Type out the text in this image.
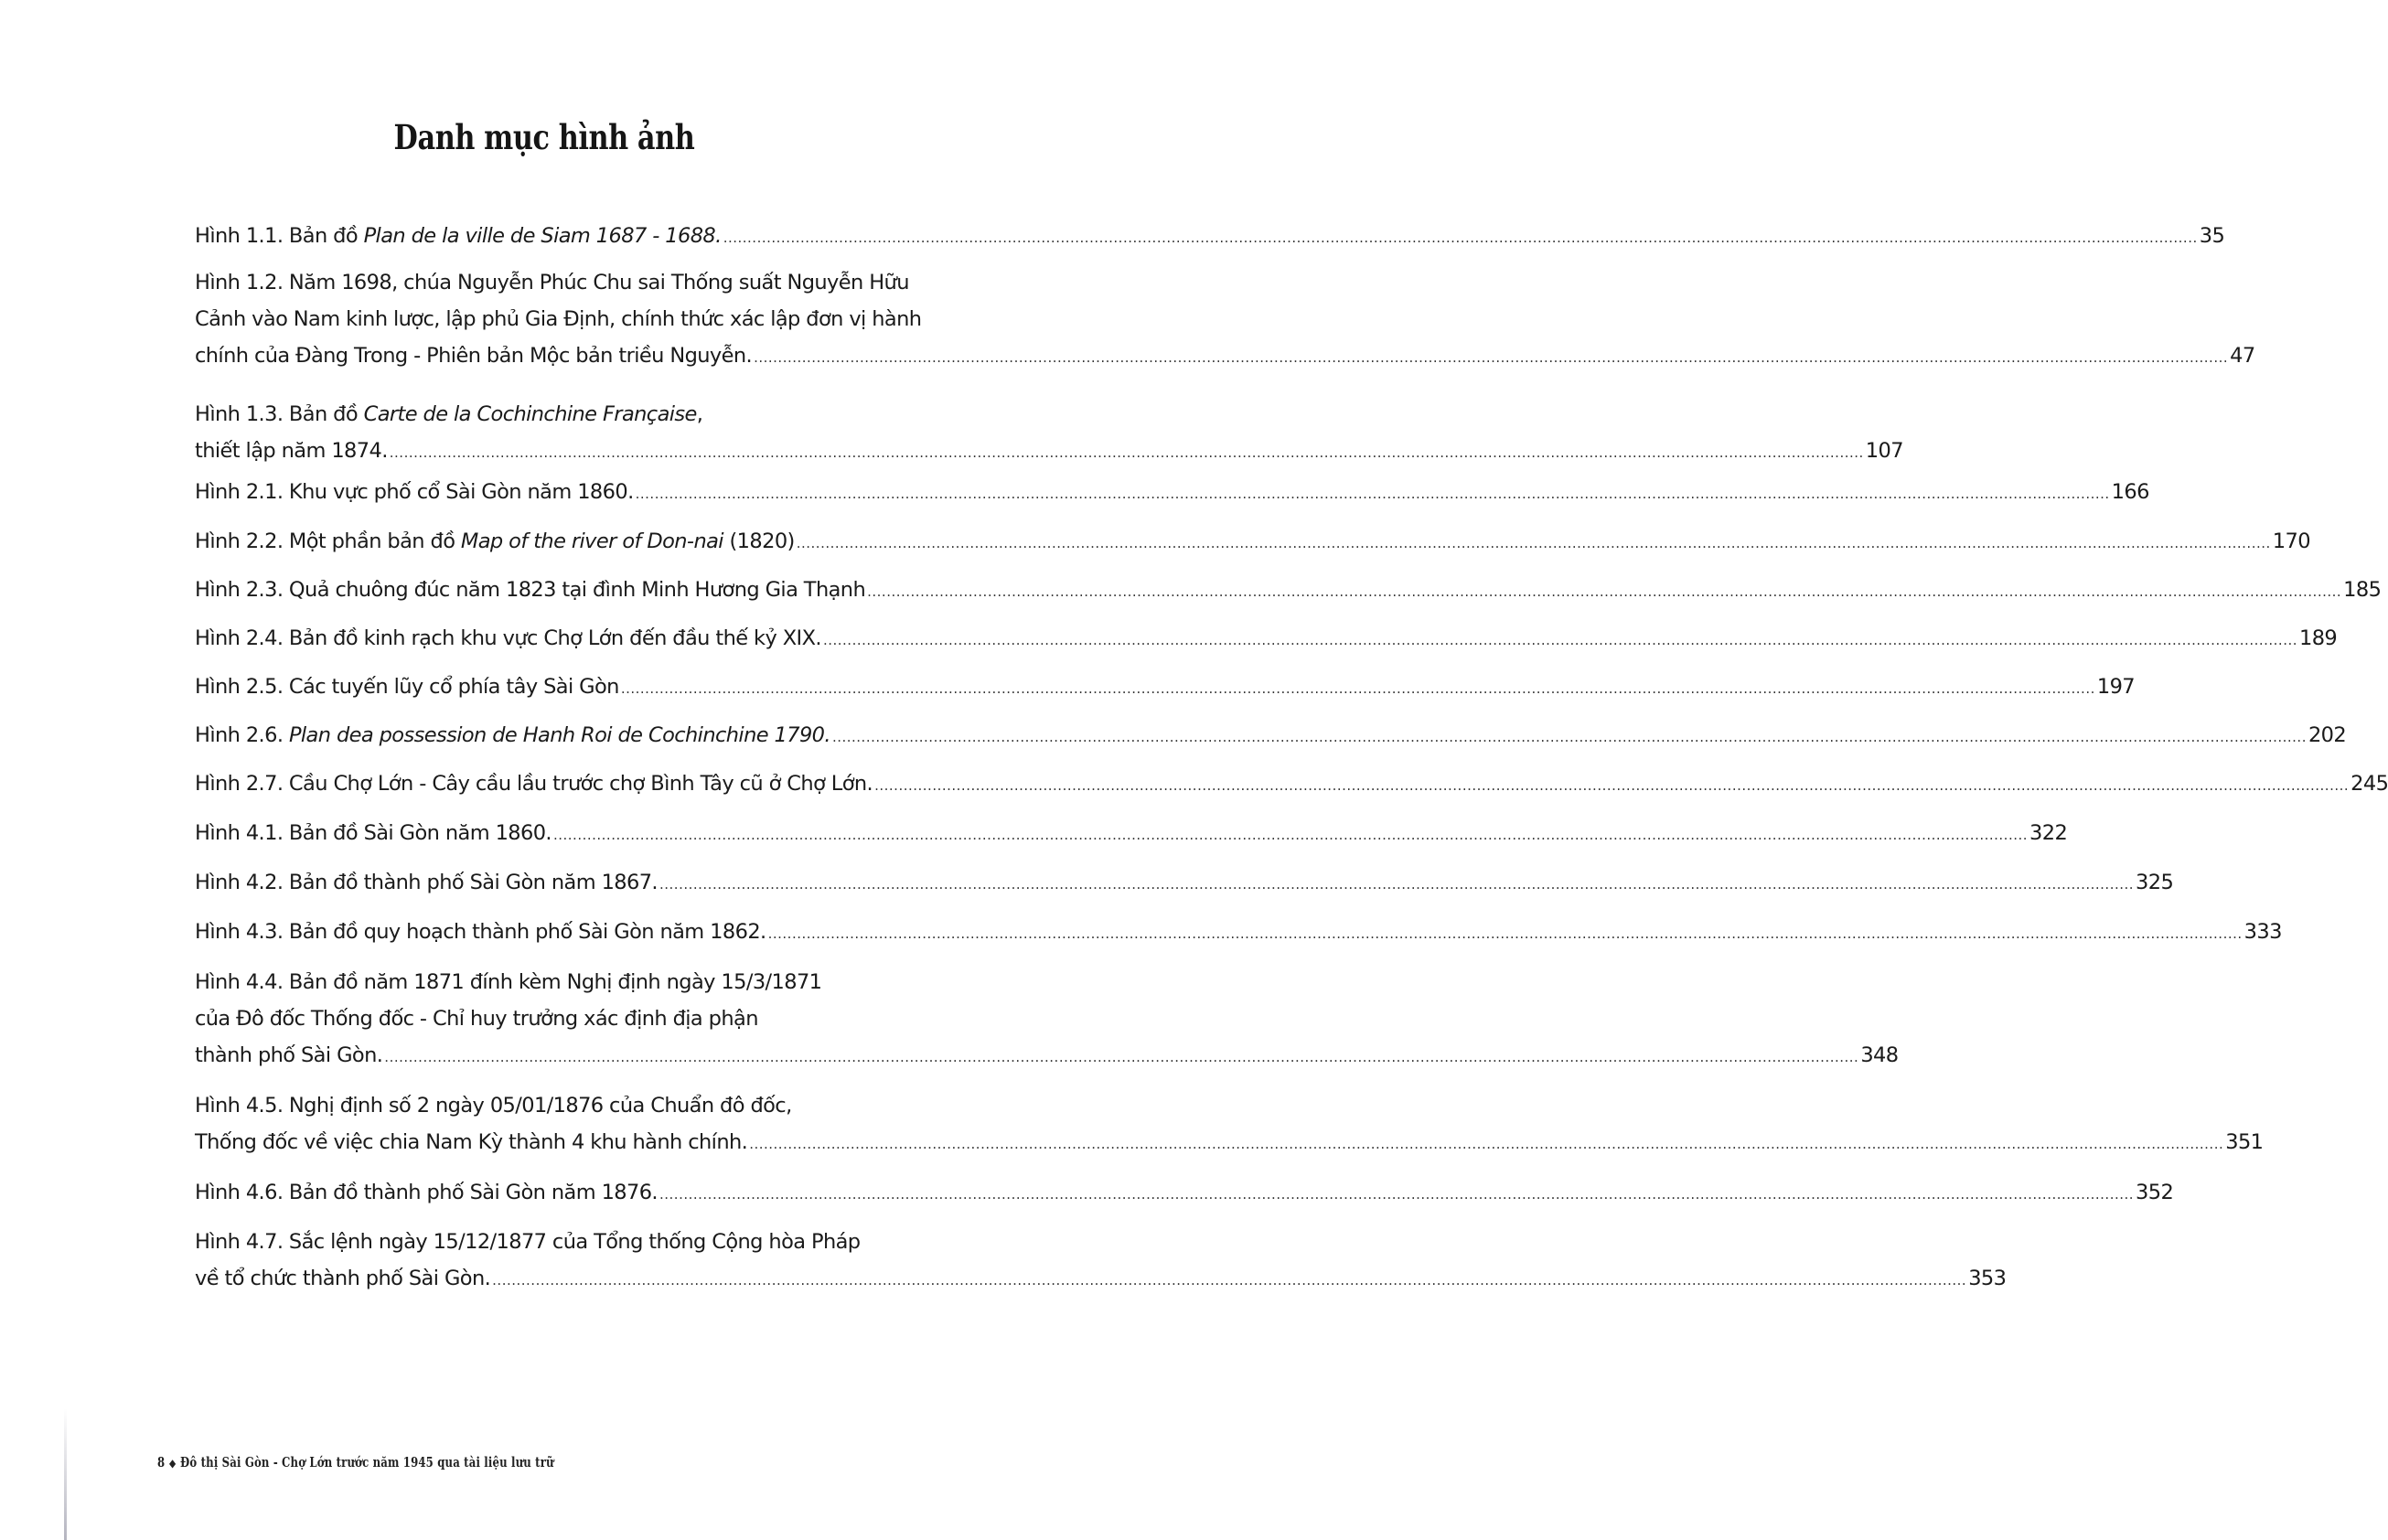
Danh mục hình ảnh
Hình 1.1. Bản đồ Plan de la ville de Siam 1687 - 1688. .....	35
Hình 1.2. Năm 1698, chúa Nguyễn Phúc Chu sai Thống suất Nguyễn Hữu
Cảnh vào Nam kinh lược, lập phủ Gia Định, chính thức xác lập đơn vị hành
chính của Đàng Trong - Phiên bản Mộc bản triều Nguyễn. .....	47
Hình 1.3. Bản đồ Carte de la Cochinchine Française,
thiết lập năm 1874. .....	107
Hình 2.1. Khu vực phố cổ Sài Gòn năm 1860. .....	166
Hình 2.2. Một phần bản đồ Map of the river of Don-nai (1820) .....	170
Hình 2.3. Quả chuông đúc năm 1823 tại đình Minh Hương Gia Thạnh .....	185
Hình 2.4. Bản đồ kinh rạch khu vực Chợ Lớn đến đầu thế kỷ XIX. .....	189
Hình 2.5. Các tuyến lũy cổ phía tây Sài Gòn .....	197
Hình 2.6. Plan dea possession de Hanh Roi de Cochinchine 1790. .....	202
Hình 2.7. Cầu Chợ Lớn - Cây cầu lầu trước chợ Bình Tây cũ ở Chợ Lớn. .....	245
Hình 4.1. Bản đồ Sài Gòn năm 1860. .....	322
Hình 4.2. Bản đồ thành phố Sài Gòn năm 1867. .....	325
Hình 4.3. Bản đồ quy hoạch thành phố Sài Gòn năm 1862. .....	333
Hình 4.4. Bản đồ năm 1871 đính kèm Nghị định ngày 15/3/1871
của Đô đốc Thống đốc - Chỉ huy trưởng xác định địa phận
thành phố Sài Gòn. .....	348
Hình 4.5. Nghị định số 2 ngày 05/01/1876 của Chuẩn đô đốc,
Thống đốc về việc chia Nam Kỳ thành 4 khu hành chính. .....	351
Hình 4.6. Bản đồ thành phố Sài Gòn năm 1876. .....	352
Hình 4.7. Sắc lệnh ngày 15/12/1877 của Tổng thống Cộng hòa Pháp
về tổ chức thành phố Sài Gòn. .....	353
8 ◆ Đô thị Sài Gòn - Chợ Lớn trước năm 1945 qua tài liệu lưu trữ
